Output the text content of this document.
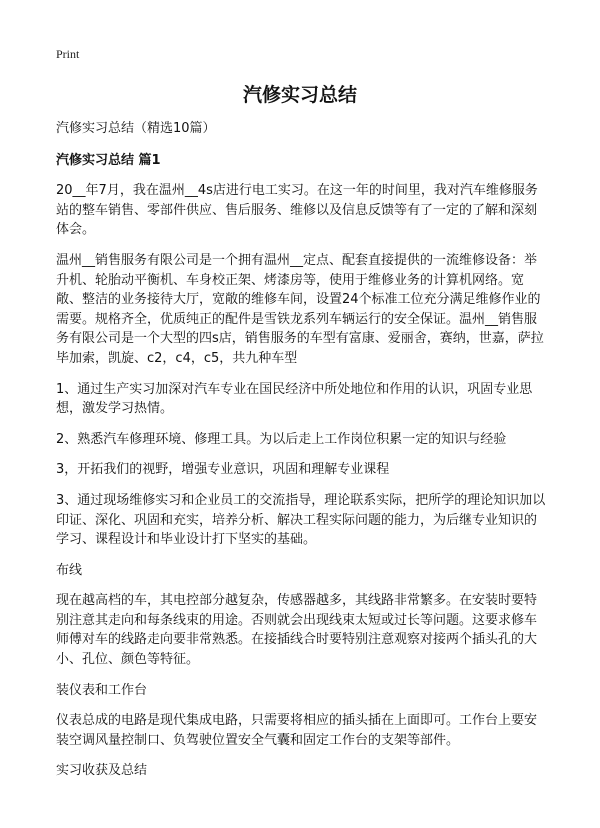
Print
汽修实习总结

汽修实习总结（精选10篇）

汽修实习总结 篇1

20__年7月，我在温州__4s店进行电工实习。在这一年的时间里，我对汽车维修服务站的整车销售、零部件供应、售后服务、维修以及信息反馈等有了一定的了解和深刻体会。

温州__销售服务有限公司是一个拥有温州__定点、配套直接提供的一流维修设备：举升机、轮胎动平衡机、车身校正架、烤漆房等，使用于维修业务的计算机网络。宽敞、整洁的业务接待大厅，宽敞的维修车间，设置24个标准工位充分满足维修作业的需要。规格齐全，优质纯正的配件是雪铁龙系列车辆运行的安全保证。温州__销售服务有限公司是一个大型的四s店，销售服务的车型有富康、爱丽舍，赛纳，世嘉，萨拉毕加索，凯旋、c2，c4，c5，共九种车型

1、通过生产实习加深对汽车专业在国民经济中所处地位和作用的认识，巩固专业思想，激发学习热情。

2、熟悉汽车修理环境、修理工具。为以后走上工作岗位积累一定的知识与经验

3，开拓我们的视野，增强专业意识，巩固和理解专业课程

3、通过现场维修实习和企业员工的交流指导，理论联系实际，把所学的理论知识加以印证、深化、巩固和充实，培养分析、解决工程实际问题的能力，为后继专业知识的学习、课程设计和毕业设计打下坚实的基础。

布线

现在越高档的车，其电控部分越复杂，传感器越多，其线路非常繁多。在安装时要特别注意其走向和每条线束的用途。否则就会出现线束太短或过长等问题。这要求修车师傅对车的线路走向要非常熟悉。在接插线合时要特别注意观察对接两个插头孔的大小、孔位、颜色等特征。

装仪表和工作台

仪表总成的电路是现代集成电路，只需要将相应的插头插在上面即可。工作台上要安装空调风量控制口、负驾驶位置安全气囊和固定工作台的支架等部件。

实习收获及总结
